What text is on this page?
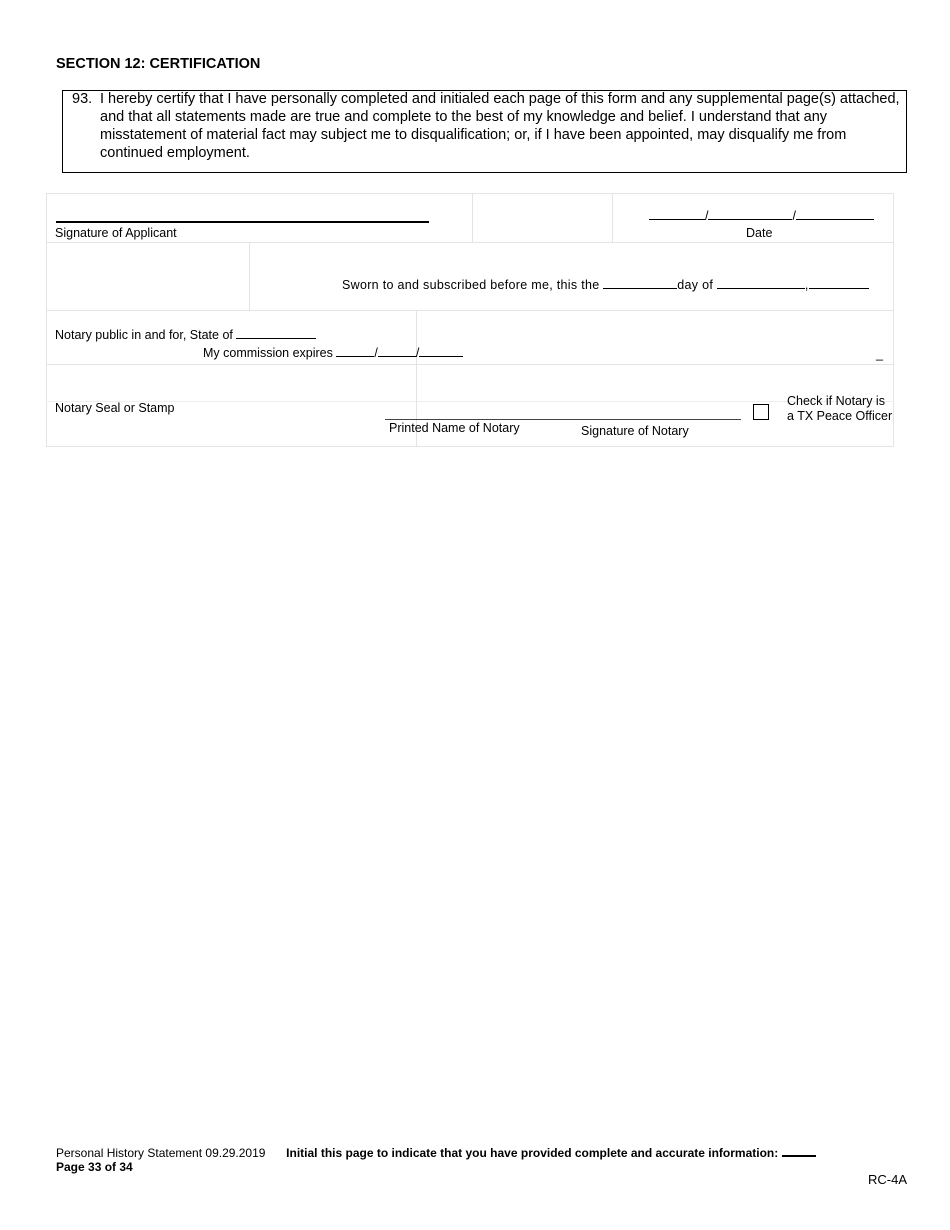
SECTION 12: CERTIFICATION
93. I hereby certify that I have personally completed and initialed each page of this form and any supplemental page(s) attached, and that all statements made are true and complete to the best of my knowledge and belief. I understand that any misstatement of material fact may subject me to disqualification; or, if I have been appointed, may disqualify me from continued employment.
Signature of Applicant
/	/
Date
Sworn to and subscribed before me, this the	day of	,
Notary public in and for, State of
My commission expires	/	/	_
Notary Seal or Stamp
Printed Name of Notary	Signature of Notary
Check if Notary is
a TX Peace Officer
Personal History Statement 09.29.2019 Initial this page to indicate that you have provided complete and accurate information:
Page 33 of 34
RC-4A
